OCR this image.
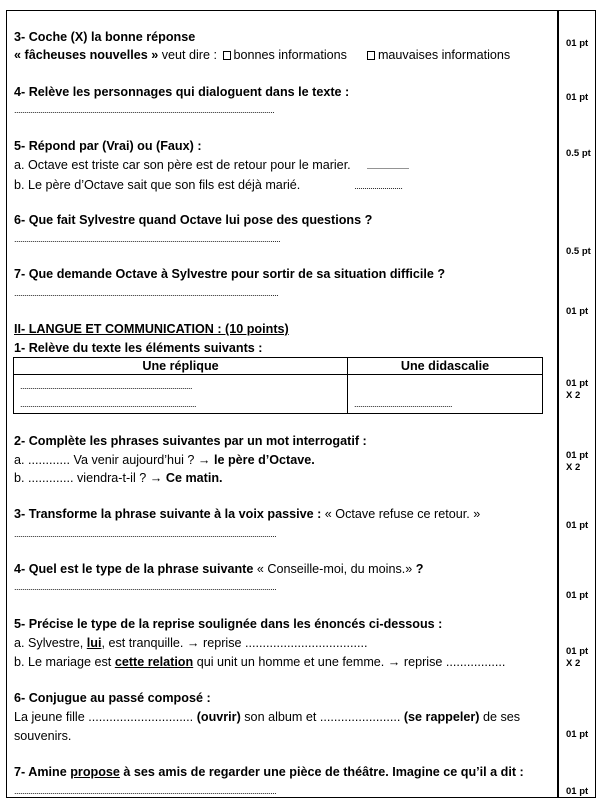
3- Coche (X) la bonne réponse
« fâcheuses nouvelles » veut dire : bonnes informations mauvaises informations
01 pt
4- Relève les personnages qui dialoguent dans le texte :
..................................................................................................................................
01 pt
5- Répond par (Vrai) ou (Faux) :
a. Octave est triste car son père est de retour pour le marier. .....................
b. Le père d’Octave sait que son fils est déjà marié.	........................
0.5 pt
6- Que fait Sylvestre quand Octave lui pose des questions ?
.....................................................................................................................................
0.5 pt
7- Que demande Octave à Sylvestre pour sortir de sa situation difficile ?
....................................................................................................................................
01 pt
II- LANGUE ET COMMUNICATION : (10 points)
1- Relève du texte les éléments suivants :
Une réplique	Une didascalie

......................................................................................
........................................................................................	.................................................
01 pt
X 2
2- Complète les phrases suivantes par un mot interrogatif :
a. ............ Va venir aujourd’hui ? → le père d’Octave.
b. ............. viendra-t-il ? → Ce matin.
01 pt
X 2
3- Transforme la phrase suivante à la voix passive : « Octave refuse ce retour. »
...................................................................................................................................
01 pt
4- Quel est le type de la phrase suivante « Conseille-moi, du moins.» ?
...................................................................................................................................
01 pt
5- Précise le type de la reprise soulignée dans les énoncés ci-dessous :
a. Sylvestre, lui, est tranquille. → reprise ...................................
b. Le mariage est cette relation qui unit un homme et une femme. → reprise .................
01 pt
X 2
6- Conjugue au passé composé :
La jeune fille .............................. (ouvrir) son album et ....................... (se rappeler) de ses
souvenirs.	01 pt
7- Amine propose à ses amis de regarder une pièce de théâtre. Imagine ce qu’il a dit :
...................................................................................................................................	01 pt
